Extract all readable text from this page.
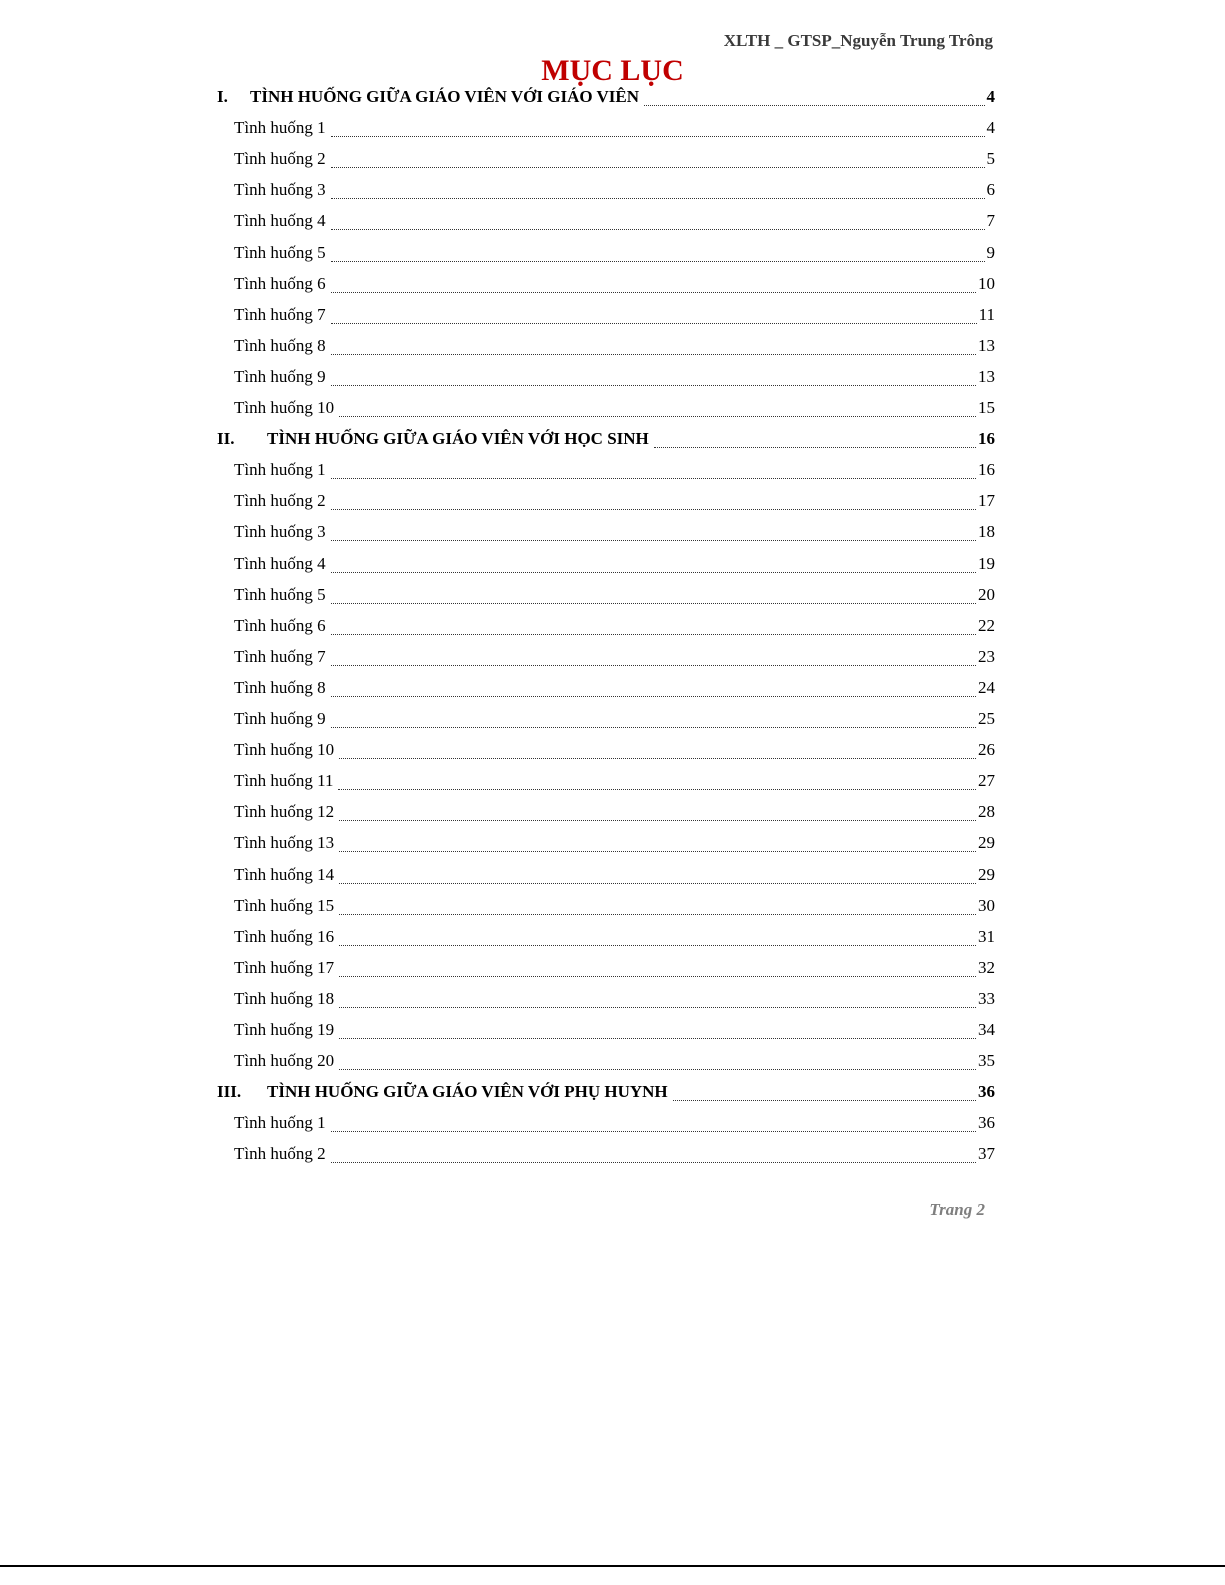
XLTH _ GTSP_Nguyễn Trung Trông
MỤC LỤC
I.	TÌNH HUỐNG GIỮA GIÁO VIÊN VỚI GIÁO VIÊN	4
Tình huống 1	4
Tình huống 2	5
Tình huống 3	6
Tình huống 4	7
Tình huống 5	9
Tình huống 6	10
Tình huống 7	11
Tình huống 8	13
Tình huống 9	13
Tình huống 10	15
II.	TÌNH HUỐNG GIỮA GIÁO VIÊN VỚI HỌC SINH	16
Tình huống 1	16
Tình huống 2	17
Tình huống 3	18
Tình huống 4	19
Tình huống 5	20
Tình huống 6	22
Tình huống 7	23
Tình huống 8	24
Tình huống 9	25
Tình huống 10	26
Tình huống 11	27
Tình huống 12	28
Tình huống 13	29
Tình huống 14	29
Tình huống 15	30
Tình huống 16	31
Tình huống 17	32
Tình huống 18	33
Tình huống 19	34
Tình huống 20	35
III.	TÌNH HUỐNG GIỮA GIÁO VIÊN VỚI PHỤ HUYNH	36
Tình huống 1	36
Tình huống 2	37
Trang 2
